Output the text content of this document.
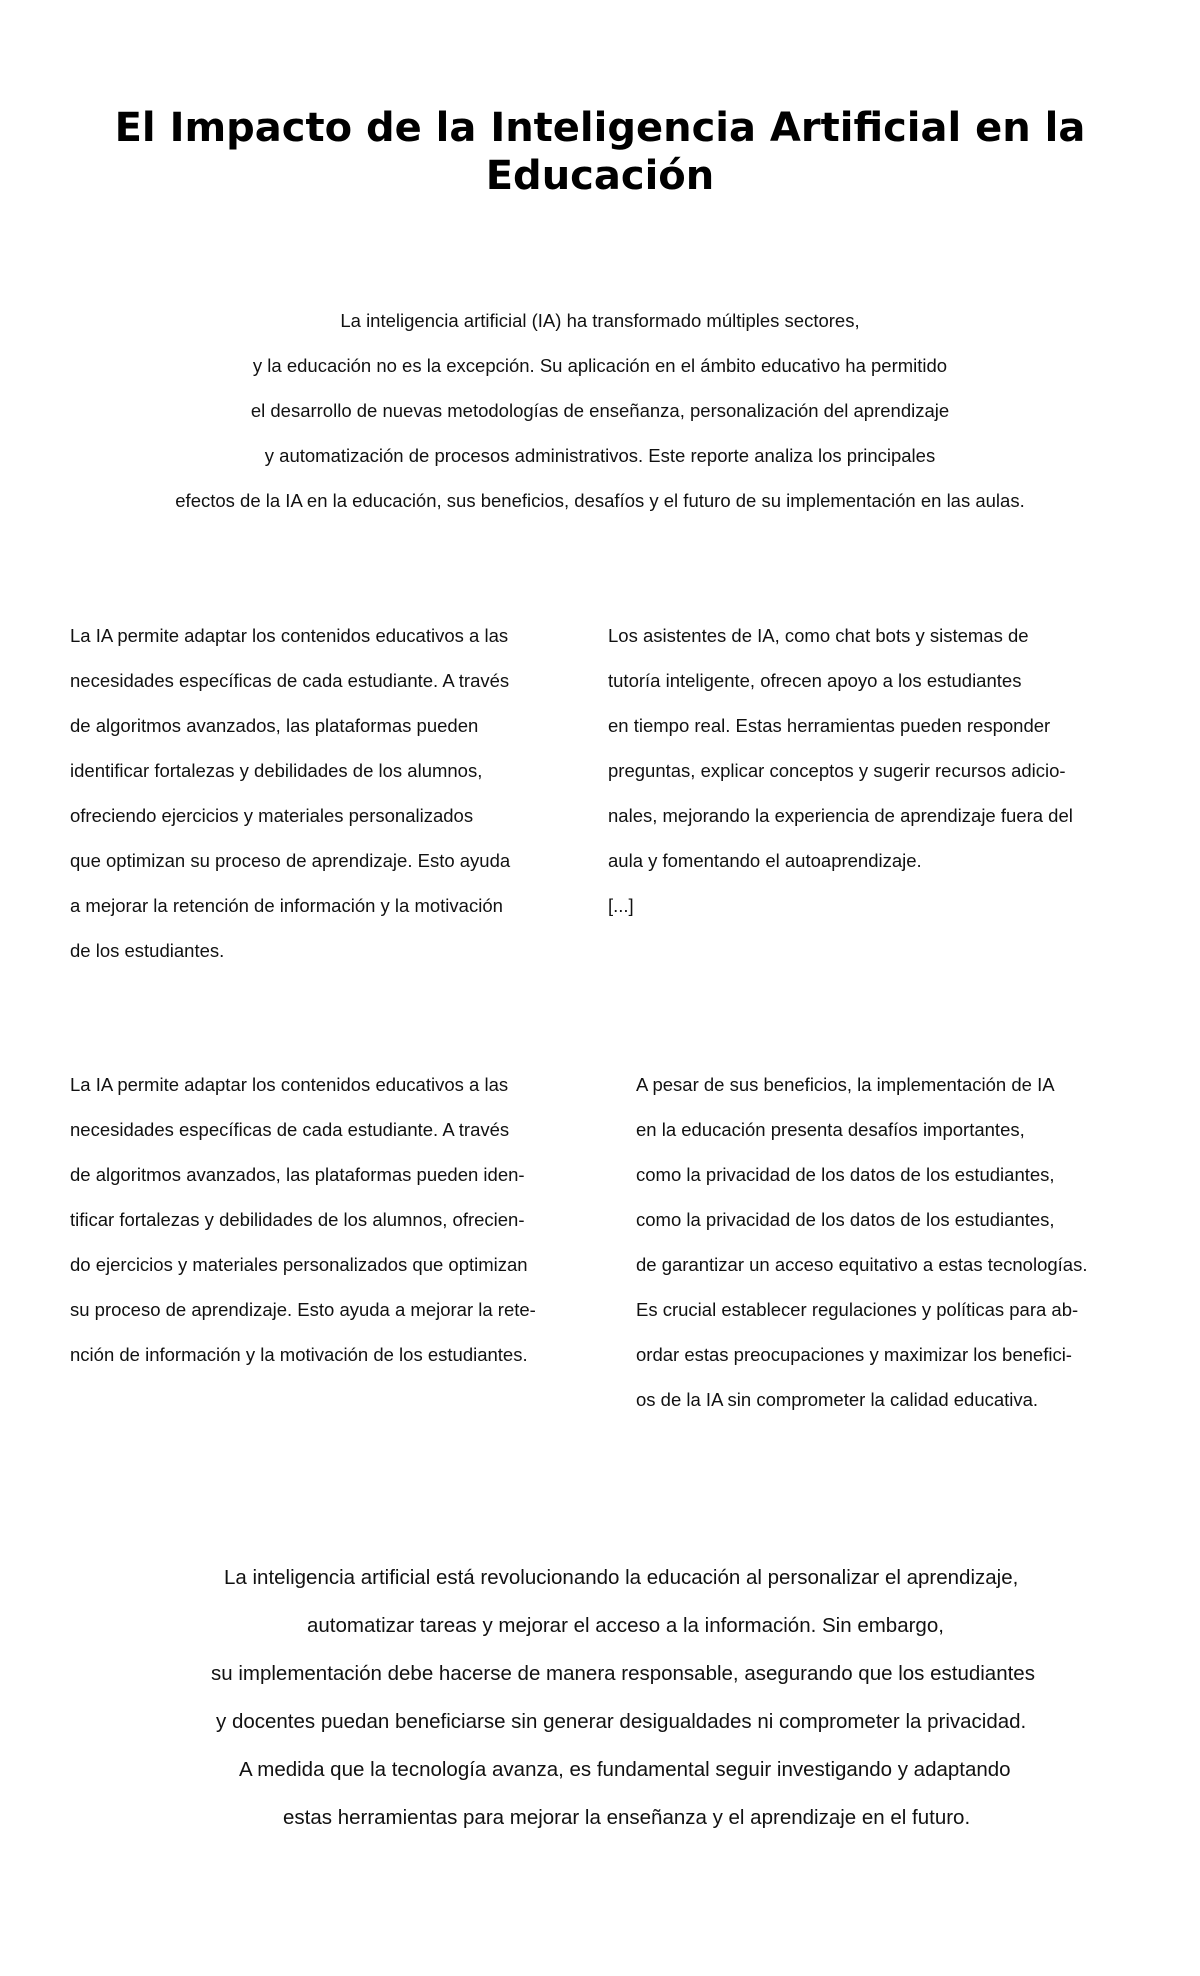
El Impacto de la Inteligencia Artificial en la
Educación
La inteligencia artificial (IA) ha transformado múltiples sectores,
y la educación no es la excepción. Su aplicación en el ámbito educativo ha permitido
el desarrollo de nuevas metodologías de enseñanza, personalización del aprendizaje
y automatización de procesos administrativos. Este reporte analiza los principales
efectos de la IA en la educación, sus beneficios, desafíos y el futuro de su implementación en las aulas.
La IA permite adaptar los contenidos educativos a las
necesidades específicas de cada estudiante. A través
de algoritmos avanzados, las plataformas pueden
identificar fortalezas y debilidades de los alumnos,
ofreciendo ejercicios y materiales personalizados
que optimizan su proceso de aprendizaje. Esto ayuda
a mejorar la retención de información y la motivación
de los estudiantes.
Los asistentes de IA, como chat bots y sistemas de
tutoría inteligente, ofrecen apoyo a los estudiantes
en tiempo real. Estas herramientas pueden responder
preguntas, explicar conceptos y sugerir recursos adicio-
nales, mejorando la experiencia de aprendizaje fuera del
aula y fomentando el autoaprendizaje.
[...]
La IA permite adaptar los contenidos educativos a las
necesidades específicas de cada estudiante. A través
de algoritmos avanzados, las plataformas pueden iden-
tificar fortalezas y debilidades de los alumnos, ofrecien-
do ejercicios y materiales personalizados que optimizan
su proceso de aprendizaje. Esto ayuda a mejorar la rete-
nción de información y la motivación de los estudiantes.
A pesar de sus beneficios, la implementación de IA
en la educación presenta desafíos importantes,
como la privacidad de los datos de los estudiantes,
como la privacidad de los datos de los estudiantes,
de garantizar un acceso equitativo a estas tecnologías.
Es crucial establecer regulaciones y políticas para ab-
ordar estas preocupaciones y maximizar los benefici-
os de la IA sin comprometer la calidad educativa.
La inteligencia artificial está revolucionando la educación al personalizar el aprendizaje,
automatizar tareas y mejorar el acceso a la información. Sin embargo,
su implementación debe hacerse de manera responsable, asegurando que los estudiantes
y docentes puedan beneficiarse sin generar desigualdades ni comprometer la privacidad.
A medida que la tecnología avanza, es fundamental seguir investigando y adaptando
estas herramientas para mejorar la enseñanza y el aprendizaje en el futuro.
